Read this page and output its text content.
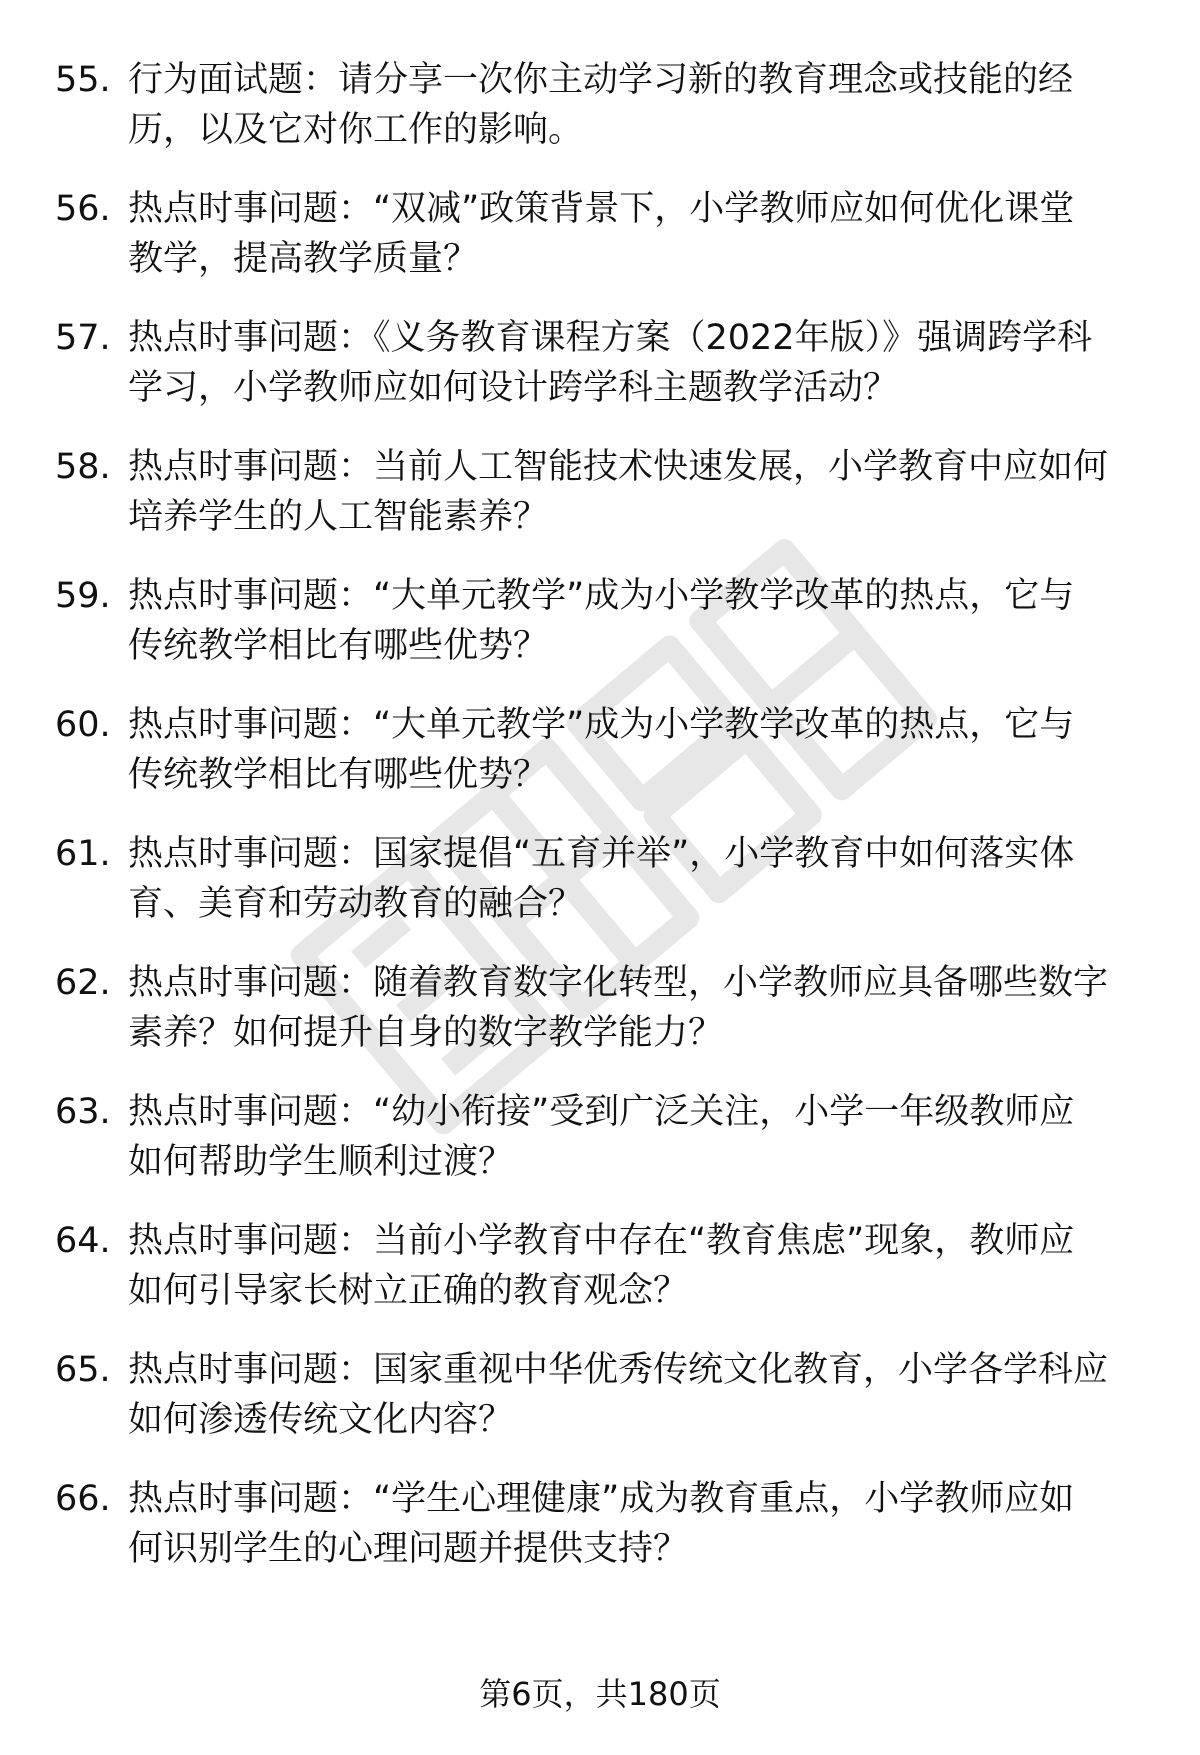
55. 行为面试题：请分享一次你主动学习新的教育理念或技能的经
历，以及它对你工作的影响。
56. 热点时事问题：“双减”政策背景下，小学教师应如何优化课堂
教学，提高教学质量？
57. 热点时事问题：《义务教育课程方案（2022年版）》强调跨学科
学习，小学教师应如何设计跨学科主题教学活动？
58. 热点时事问题：当前人工智能技术快速发展，小学教育中应如何
培养学生的人工智能素养？
59. 热点时事问题：“大单元教学”成为小学教学改革的热点，它与
传统教学相比有哪些优势？
60. 热点时事问题：“大单元教学”成为小学教学改革的热点，它与
传统教学相比有哪些优势？
61. 热点时事问题：国家提倡“五育并举”，小学教育中如何落实体
育、美育和劳动教育的融合？
62. 热点时事问题：随着教育数字化转型，小学教师应具备哪些数字
素养？如何提升自身的数字教学能力？
63. 热点时事问题：“幼小衔接”受到广泛关注，小学一年级教师应
如何帮助学生顺利过渡？
64. 热点时事问题：当前小学教育中存在“教育焦虑”现象，教师应
如何引导家长树立正确的教育观念？
65. 热点时事问题：国家重视中华优秀传统文化教育，小学各学科应
如何渗透传统文化内容？
66. 热点时事问题：“学生心理健康”成为教育重点，小学教师应如
何识别学生的心理问题并提供支持？
第6页，共180页
